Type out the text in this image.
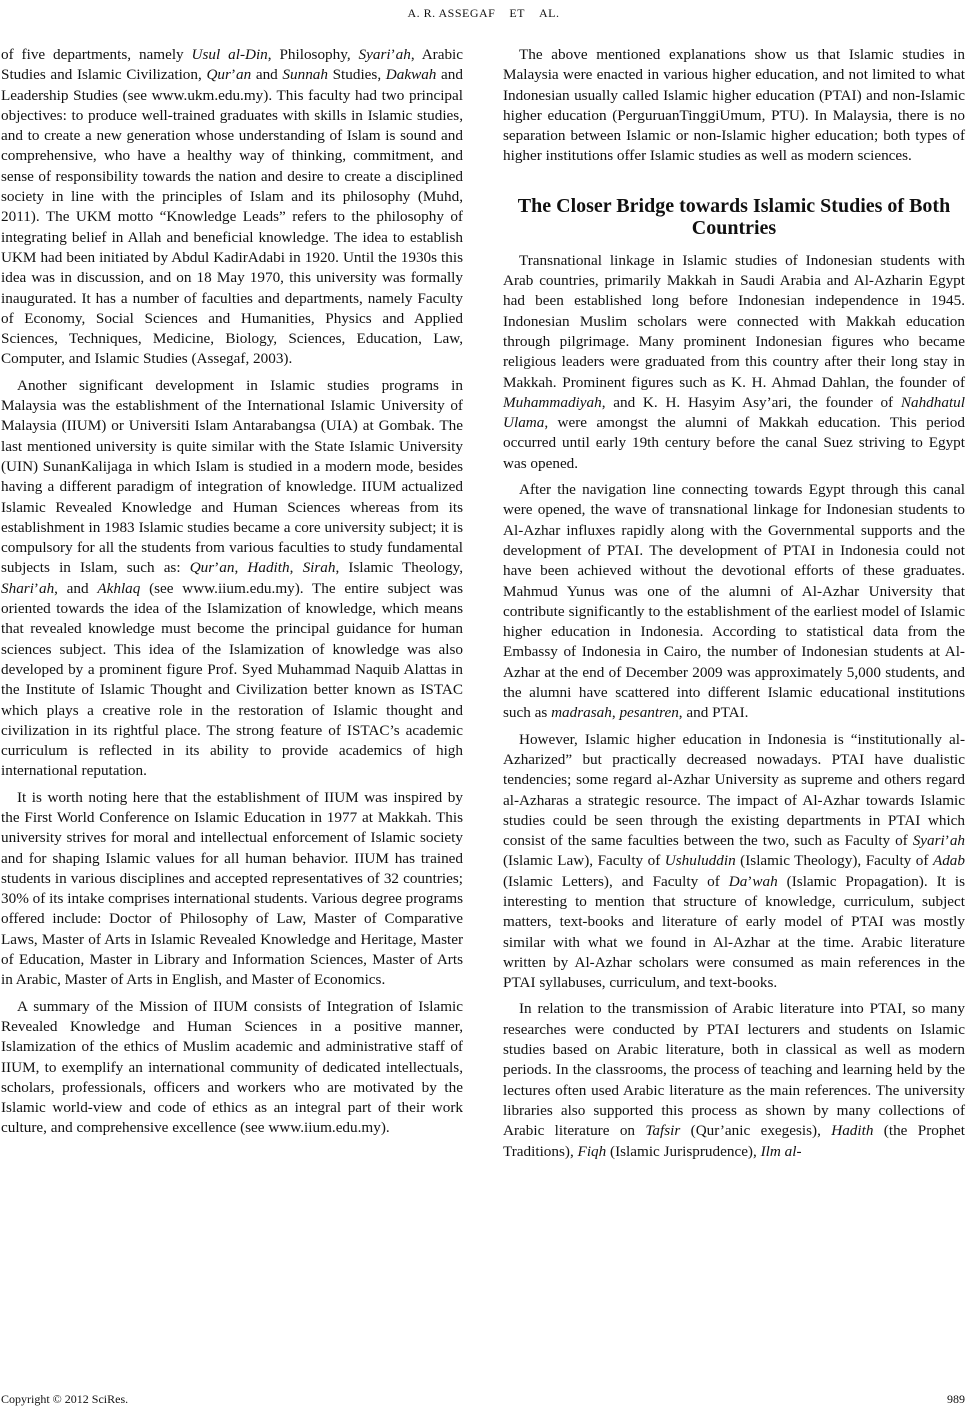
A. R. ASSEGAF ET AL.

of five departments, namely Usul al-Din, Philosophy, Syari’ah, Arabic Studies and Islamic Civilization, Qur’an and Sunnah Studies, Dakwah and Leadership Studies (see www.ukm.edu.my). This faculty had two principal objectives: to produce well-trained graduates with skills in Islamic studies, and to create a new generation whose understanding of Islam is sound and comprehensive, who have a healthy way of thinking, commitment, and sense of responsibility towards the nation and desire to create a disciplined society in line with the principles of Islam and its philosophy (Muhd, 2011). The UKM motto “Knowledge Leads” refers to the philosophy of integrating belief in Allah and beneficial knowledge. The idea to establish UKM had been initiated by Abdul KadirAdabi in 1920. Until the 1930s this idea was in discussion, and on 18 May 1970, this university was formally inaugurated. It has a number of faculties and departments, namely Faculty of Economy, Social Sciences and Humanities, Physics and Applied Sciences, Techniques, Medicine, Biology, Sciences, Education, Law, Computer, and Islamic Studies (Assegaf, 2003).

Another significant development in Islamic studies programs in Malaysia was the establishment of the International Islamic University of Malaysia (IIUM) or Universiti Islam Antarabangsa (UIA) at Gombak. The last mentioned university is quite similar with the State Islamic University (UIN) SunanKalijaga in which Islam is studied in a modern mode, besides having a different paradigm of integration of knowledge. IIUM actualized Islamic Revealed Knowledge and Human Sciences whereas from its establishment in 1983 Islamic studies became a core university subject; it is compulsory for all the students from various faculties to study fundamental subjects in Islam, such as: Qur’an, Hadith, Sirah, Islamic Theology, Shari’ah, and Akhlaq (see www.iium.edu.my). The entire subject was oriented towards the idea of the Islamization of knowledge, which means that revealed knowledge must become the principal guidance for human sciences subject. This idea of the Islamization of knowledge was also developed by a prominent figure Prof. Syed Muhammad Naquib Alattas in the Institute of Islamic Thought and Civilization better known as ISTAC which plays a creative role in the restoration of Islamic thought and civilization in its rightful place. The strong feature of ISTAC’s academic curriculum is reflected in its ability to provide academics of high international reputation.

It is worth noting here that the establishment of IIUM was inspired by the First World Conference on Islamic Education in 1977 at Makkah. This university strives for moral and intellectual enforcement of Islamic society and for shaping Islamic values for all human behavior. IIUM has trained students in various disciplines and accepted representatives of 32 countries; 30% of its intake comprises international students. Various degree programs offered include: Doctor of Philosophy of Law, Master of Comparative Laws, Master of Arts in Islamic Revealed Knowledge and Heritage, Master of Education, Master in Library and Information Sciences, Master of Arts in Arabic, Master of Arts in English, and Master of Economics.

A summary of the Mission of IIUM consists of Integration of Islamic Revealed Knowledge and Human Sciences in a positive manner, Islamization of the ethics of Muslim academic and administrative staff of IIUM, to exemplify an international community of dedicated intellectuals, scholars, professionals, officers and workers who are motivated by the Islamic world-view and code of ethics as an integral part of their work culture, and comprehensive excellence (see www.iium.edu.my).

The above mentioned explanations show us that Islamic studies in Malaysia were enacted in various higher education, and not limited to what Indonesian usually called Islamic higher education (PTAI) and non-Islamic higher education (PerguruanTinggiUmum, PTU). In Malaysia, there is no separation between Islamic or non-Islamic higher education; both types of higher institutions offer Islamic studies as well as modern sciences.

The Closer Bridge towards Islamic Studies of Both Countries

Transnational linkage in Islamic studies of Indonesian students with Arab countries, primarily Makkah in Saudi Arabia and Al-Azharin Egypt had been established long before Indonesian independence in 1945. Indonesian Muslim scholars were connected with Makkah education through pilgrimage. Many prominent Indonesian figures who became religious leaders were graduated from this country after their long stay in Makkah. Prominent figures such as K. H. Ahmad Dahlan, the founder of Muhammadiyah, and K. H. Hasyim Asy’ari, the founder of Nahdhatul Ulama, were amongst the alumni of Makkah education. This period occurred until early 19th century before the canal Suez striving to Egypt was opened.

After the navigation line connecting towards Egypt through this canal were opened, the wave of transnational linkage for Indonesian students to Al-Azhar influxes rapidly along with the Governmental supports and the development of PTAI. The development of PTAI in Indonesia could not have been achieved without the devotional efforts of these graduates. Mahmud Yunus was one of the alumni of Al-Azhar University that contribute significantly to the establishment of the earliest model of Islamic higher education in Indonesia. According to statistical data from the Embassy of Indonesia in Cairo, the number of Indonesian students at Al-Azhar at the end of December 2009 was approximately 5,000 students, and the alumni have scattered into different Islamic educational institutions such as madrasah, pesantren, and PTAI.

However, Islamic higher education in Indonesia is “institutionally al-Azharized” but practically decreased nowadays. PTAI have dualistic tendencies; some regard al-Azhar University as supreme and others regard al-Azharas a strategic resource. The impact of Al-Azhar towards Islamic studies could be seen through the existing departments in PTAI which consist of the same faculties between the two, such as Faculty of Syari’ah (Islamic Law), Faculty of Ushuluddin (Islamic Theology), Faculty of Adab (Islamic Letters), and Faculty of Da’wah (Islamic Propagation). It is interesting to mention that structure of knowledge, curriculum, subject matters, text-books and literature of early model of PTAI was mostly similar with what we found in Al-Azhar at the time. Arabic literature written by Al-Azhar scholars were consumed as main references in the PTAI syllabuses, curriculum, and text-books.

In relation to the transmission of Arabic literature into PTAI, so many researches were conducted by PTAI lecturers and students on Islamic studies based on Arabic literature, both in classical as well as modern periods. In the classrooms, the process of teaching and learning held by the lectures often used Arabic literature as the main references. The university libraries also supported this process as shown by many collections of Arabic literature on Tafsir (Qur’anic exegesis), Hadith (the Prophet Traditions), Fiqh (Islamic Jurisprudence), Ilm al-

Copyright © 2012 SciRes.	989
